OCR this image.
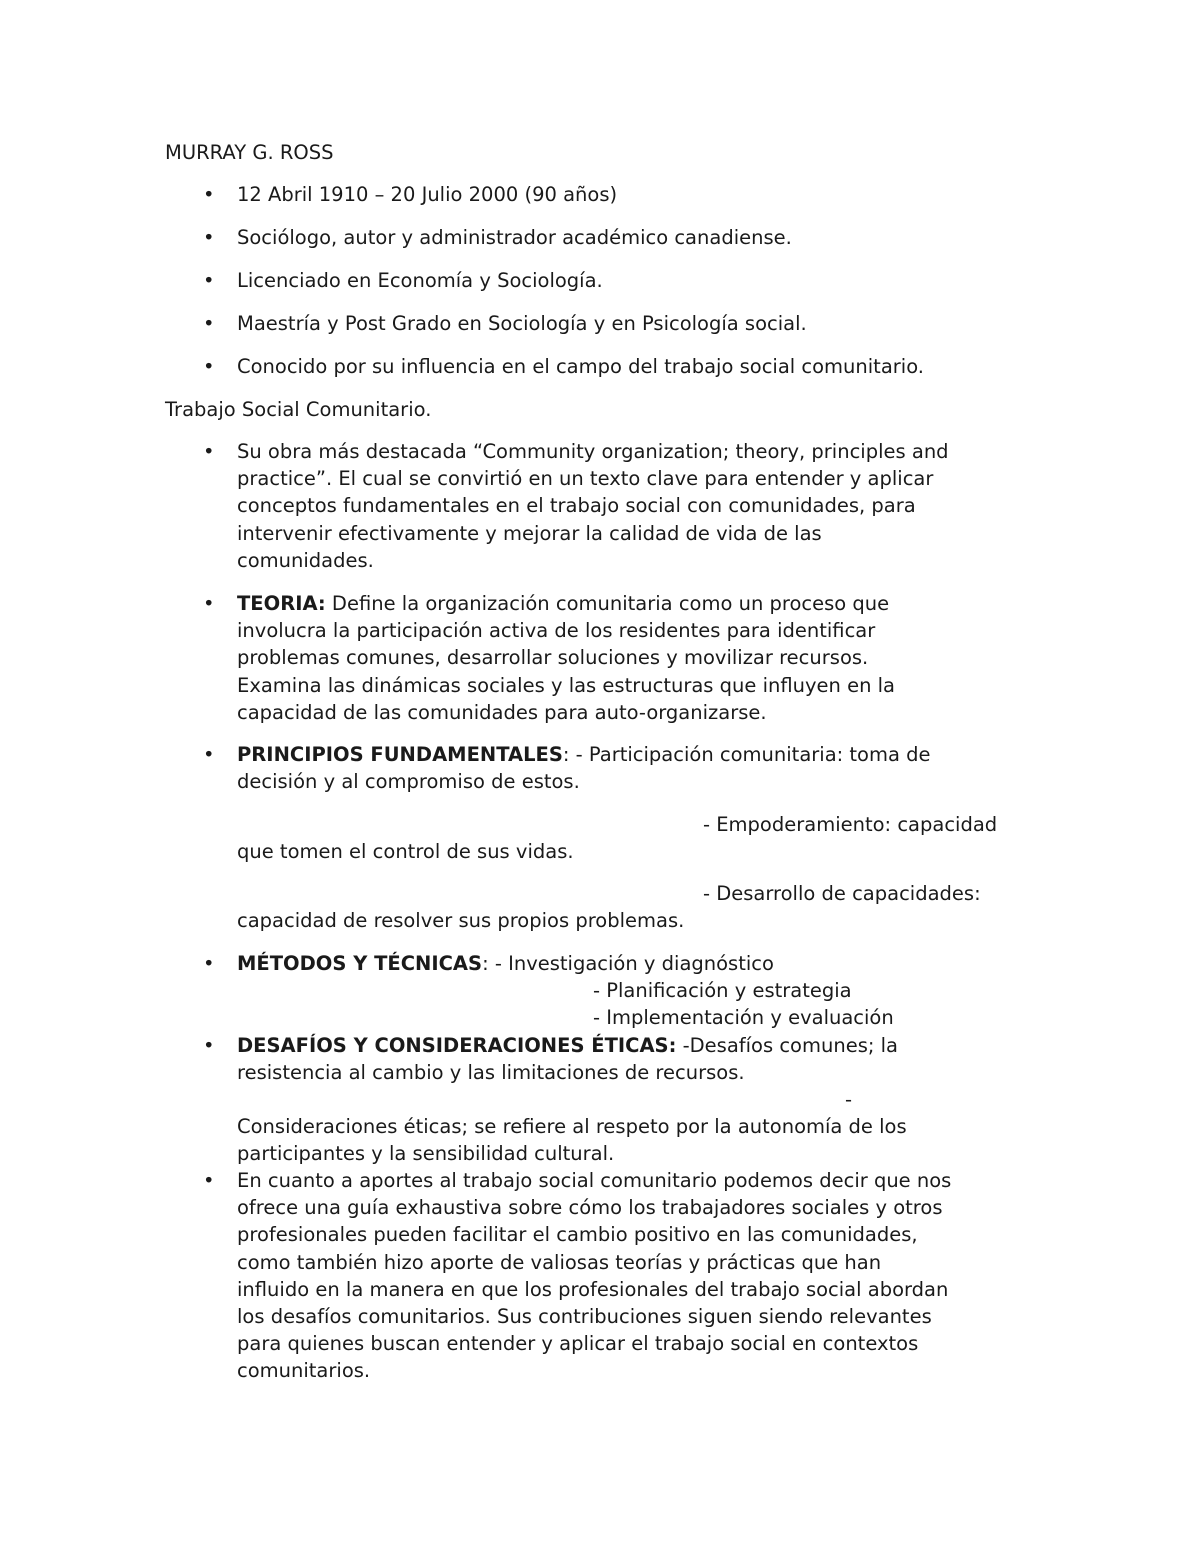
MURRAY G. ROSS
• 12 Abril 1910 – 20 Julio 2000 (90 años)
• Sociólogo, autor y administrador académico canadiense.
• Licenciado en Economía y Sociología.
• Maestría y Post Grado en Sociología y en Psicología social.
• Conocido por su influencia en el campo del trabajo social comunitario.
Trabajo Social Comunitario.
• Su obra más destacada “Community organization; theory, principles and

practice”. El cual se convirtió en un texto clave para entender y aplicar

conceptos fundamentales en el trabajo social con comunidades, para

intervenir efectivamente y mejorar la calidad de vida de las

comunidades.

• TEORIA: Define la organización comunitaria como un proceso que

involucra la participación activa de los residentes para identificar

problemas comunes, desarrollar soluciones y movilizar recursos.

Examina las dinámicas sociales y las estructuras que influyen en la

capacidad de las comunidades para auto-organizarse.

• PRINCIPIOS FUNDAMENTALES: - Participación comunitaria: toma de
decisión y al compromiso de estos.
- Empoderamiento: capacidad
que tomen el control de sus vidas.
- Desarrollo de capacidades:
capacidad de resolver sus propios problemas.
• MÉTODOS Y TÉCNICAS: - Investigación y diagnóstico
- Planificación y estrategia
- Implementación y evaluación
• DESAFÍOS Y CONSIDERACIONES ÉTICAS: -Desafíos comunes; la
resistencia al cambio y las limitaciones de recursos.
-
Consideraciones éticas; se refiere al respeto por la autonomía de los
participantes y la sensibilidad cultural.
• En cuanto a aportes al trabajo social comunitario podemos decir que nos

ofrece una guía exhaustiva sobre cómo los trabajadores sociales y otros

profesionales pueden facilitar el cambio positivo en las comunidades,

como también hizo aporte de valiosas teorías y prácticas que han

influido en la manera en que los profesionales del trabajo social abordan

los desafíos comunitarios. Sus contribuciones siguen siendo relevantes

para quienes buscan entender y aplicar el trabajo social en contextos

comunitarios.
